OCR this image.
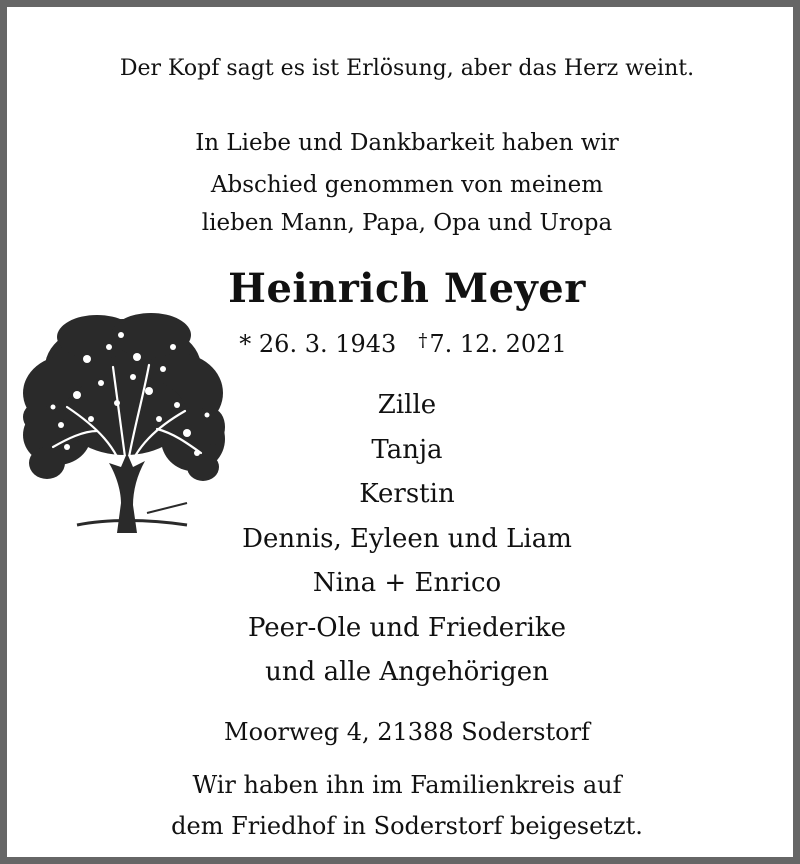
Der Kopf sagt es ist Erlösung, aber das Herz weint.
In Liebe und Dankbarkeit haben wir
Abschied genommen von meinem
lieben Mann, Papa, Opa und Uropa
Heinrich Meyer
* 26. 3. 1943 †7. 12. 2021
Zille
Tanja
Kerstin
Dennis, Eyleen und Liam
Nina + Enrico
Peer-Ole und Friederike
und alle Angehörigen
Moorweg 4, 21388 Soderstorf
Wir haben ihn im Familienkreis auf
dem Friedhof in Soderstorf beigesetzt.
